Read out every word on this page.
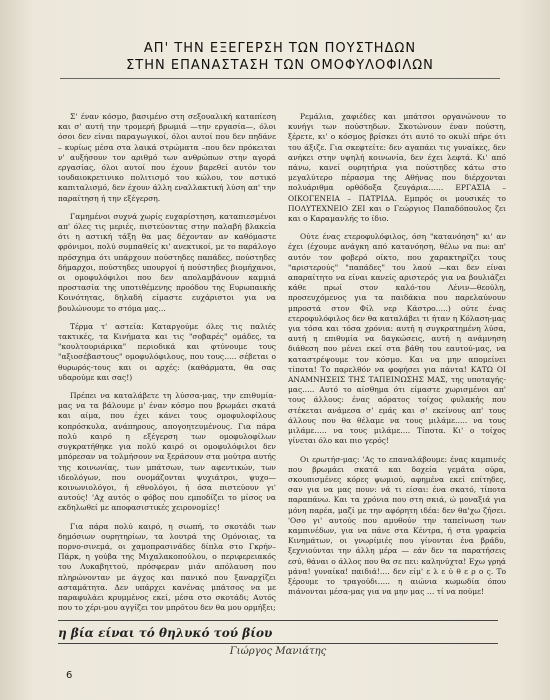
ΑΠ' ΤΗΝ ΕΞΕΓΕΡΣΗ ΤΩΝ ΠΟΥΣΤΗΔΩΝ
ΣΤΗΝ ΕΠΑΝΑΣΤΑΣΗ ΤΩΝ ΟΜΟΦΥΛΟΦΙΛΩΝ

Σ' έναν κόσμο, βασιμένο στη σεξουαλική καταπίεση και σ' αυτή την τρομερή βρωμιά —την εργασία—, όλοι όσοι δεν είναι παραγωγικοί, όλοι αυτοί που δεν πηδάνε – κυρίως μέσα στα λαικά στρώματα –που δεν πρόκειται ν' αυξήσουν τον αριθμό των ανθρώπων στην αγορά εργασίας, όλοι αυτοί που έχουν βαρεθεί αυτόν τον ιουδαιοκρετινικο πολιτισμό του κώλου, τον αστικό καπιταλισμό, δεν έχουν άλλη εναλλακτική λύση απ' την παραίτηση ή την εξέγερση.

Γαμημένοι συχνά χωρίς ευχαρίστηση, καταπιεσμένοι απ' όλες τις μεριές, πιστεύοντας στην παλαβή βλακεία ότι η αστική τάξη θα μας δέχονταν αν καθόμαστε φρόνιμοι, πολύ συμπαθείς κι' ανεκτικοί, με το παράλογο πρόσχημα ότι υπάρχουν πούστηδες παπάδες, πούστηδες δήμαρχοι, πούστηδες υπουργοί ή πούστηδες βιομήχανοι, οι ομοφυλόφιλοι που δεν απολαμβάνουν καμμιά προστασία της υποτιθέμενης προόδου της Ευρωπαικής Κοινότητας, δηλαδή είμαστε ευχάριστοι για να βουλώνουμε το στόμα μας…

Τέρμα τ' αστεία: Καταργούμε όλες τις παλιές τακτικές, τα Κινήματα και τις "σοβαρές" ομάδες, τα "κουλτουριάρικα" περιοδικά και φτύνουμε τους "αξιοσέβαστους" ομοφυλόφιλους, που τους….. σέβεται ο θυρωρός-τους και οι αρχές: (καθάρματα, θα σας υδαρούμε και σας!)

Πρέπει να καταλάβετε τη λύσσα-μας, την επιθυμία-μας να τα βάλουμε μ' έναν κόσμο που βρωμάει σκατά και αίμα, που έχει κάνει τους ομοφυλοφίλους κοπρόσκυλα, ανάπηρους, απογοητευμένους. Για πάρα πολύ καιρό η εξέγερση των ομοφυλοφίλων συγκρατήθηκε για πολύ καιρό οι ομοφυλόφιλοι δεν μπόρεσαν να τολμήσουν να ξεράσουν στα μούτρα αυτής της κοινωνίας, των μπάτσων, των αφεντικών, των ιδεολόγων, που ονομάζονται ψυχιάτροι, ψυχο—κοινωνιολόγοι, ή εθνολόγοι, ή όσα πιστεύουν γι' αυτούς! 'Αχ αυτός ο φόβος που εμποδίζει το μίσος να εκδηλωθεί με αποφασιστικές χειρονομίες!

Για πάρα πολύ καιρό, η σιωπή, το σκοτάδι των δημόσιων ουρητηρίων, τα λουτρά της Ομόνοιας, τα πορνο-σινεμά, οι χαμοπρασινάδες δίπλα στο Γκρήν–Πάρκ, η γούβα της Μιχαλακοπούλου, ο περιφερειακός του Λυκαβηττού, πρόσφεραν μιάν απόλαυση που πληρώνονταν με άγχος και πανικό που ξαναρχίζει ασταμάτητα. Δεν υπάρχει κανένας μπάτσος να με παραφυλάει κρυμμένος εκεί, μέσα στο σκοτάδι; Αυτός που το χέρι-μου αγγίζει τον μπρότου δεν θα μου ορμήξει;

Ρεμάλια, χαφιέδες και μπάτσοι οργανώνουν το κυνήγι των πούστηδων. Σκοτώνουν έναν πούστη, ξέρετε, κι' ο κόσμος βρίσκει ότι αυτό το οκυλί πήρε ότι του άξιζε. Για σκεφτείτε: δεν αγαπάει τις γυναίκες, δεν ανήκει στην υψηλή κοινωνία, δεν έχει λεφτά. Κι' από πάνω, κανεί ουρητήρια για πούστηδες κάτω στο μεγαλύτερο πέρασμα της Αθήνας που διέρχονται πολυάριθμα ορθόδοξα ζευγάρια…… ΕΡΓΑΣΙΑ – ΟΙΚΟΓΕΝΕΙΑ – ΠΑΤΡΙΔΑ. Εμπρός οι μουσικές το ΠΟΛΥΤΕΧΝΕΙΟ ΖΕΙ και ο Γεώργιος Παπαδόπουλος ζει και ο Καραμανλής το ίδιο.

Ούτε ένας ετεροφυλόφιλος, όση "κατανόηση" κι' αν έχει (έχουμε ανάγκη από κατανόηση, θέλω να πω: απ' αυτόν τον φοβερό οίκτο, που χαρακτηρίζει τους "αριστερούς" "παπάδες" του λαού —και δεν είναι απαραίτητο να είναι κανείς αριστερός για να βουλιάζει κάθε πρωί στον καλό-του Λένιν—θεούλη, προσευχόμενος για τα παιδάκια που παρελαύνουν μπροστά στον Φίλ νερ Κάστρο…..) ούτε ένας ετεροφυλόφιλος δεν θα καταλάβει τι ήταν η Κόλαση-μας για τόσα και τόσα χρόνια: αυτή η συγκρατημένη λύσα, αυτή η επιθυμία να δαγκώσεις, αυτή η ανάμνηση διάθεση που μένει εκεί στα βάθη του εαυτού-μας, να καταστρέψουμε τον κόσμο. Και να μην απομείνει τίποτα! Το παρελθόν να φοφήσει για πάντα! ΚΑΤΩ ΟΙ ΑΝΑΜΝΗΣΕΙΣ ΤΗΣ ΤΑΠΕΙΝΩΣΗΣ ΜΑΣ, της υποταγής-μας….. Αυτό το αίσθημα ότι είμαστε χωρισμένοι απ' τους άλλους: ένας αόρατος τοίχος φυλακής που στέκεται ανάμεσα σ' εμάς και σ' εκείνους απ' τους άλλους που θα θέλαμε να τους μιλάμε….. να τους μιλάμε….. να τους μιλάμε…. Τίποτα. Κι' ο τοίχος γίνεται όλο και πιο γερός!

Οι ερωτήσ-μας: 'Ας το επαναλάβουμε: ένας καμπινές που βρωμάει σκατά και δοχεία γεμάτα ούρα, σκουπισμένες κόρες ψωμιού, αφημένα εκεί επίτηδες, σαν για να μας πουν: νά τι είσαι: ένα σκατό, τίποτα παραπάνω. Και τα χρόνια που στη σκιά, ώ μοναξιά για μόνη παρέα, μαζί με την αφόρητη ιδέα: δεν θα'χω ζήσει. 'Οσο γι' αυτούς που αμυθούν την ταπείνωση των καμπινέδων, για να πάνε στα Κέντρα, ή στα γραφεία Κινημάτων, οι γνωρίμιές που γίνονται ένα βράδυ, ξεχνιούνται την άλλη μέρα — εάν δεν τα παρατήσεις εσύ, θάναι ο άλλος που θα σε πει: καληνύχτα! Εχω γρηά μάνα! γυναίκα! παιδιά!…. δεν είμ' ε λ ε ύ θ ε ρ ο ς. Το ξέρουμε το τραγούδι….. η αιώνια κωμωδία όπου πιάνονται μέσα-μας για να μην μας … τί να πούμε!

η βία είναι τό θηλυκό τού βίου
Γιώργος Μανιάτης
6
